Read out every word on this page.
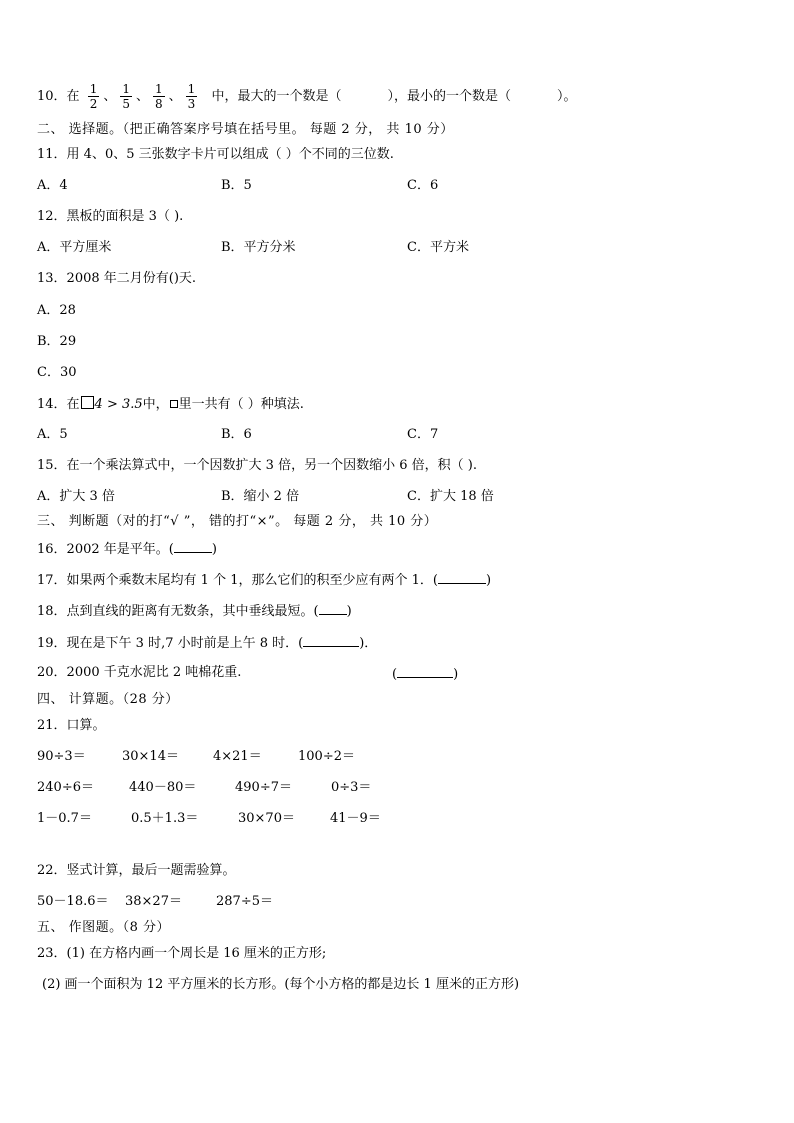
10．在 $\frac{1}{2}$ 、 $\frac{1}{5}$ 、 $\frac{1}{8}$ 、 $\frac{1}{3}$ 中，最大的一个数是（	），最小的一个数是（	）。
二、 选择题。（把正确答案序号填在括号里。 每题 2 分， 共 10 分）
11．用 4、0、5 三张数字卡片可以组成（ ）个不同的三位数.
A．4	B．5	C．6
12．黑板的面积是 3（ ).
A．平方厘米	B．平方分米	C．平方米
13．2008 年二月份有()天.
A．28
B．29
C．30
14．在 4 > 3.5中， 里一共有（ ）种填法.
A．5	B．6	C．7
15．在一个乘法算式中，一个因数扩大 3 倍，另一个因数缩小 6 倍，积（ ).
A．扩大 3 倍	B．缩小 2 倍	C．扩大 18 倍
三、 判断题（对的打“√ ”， 错的打“×”。 每题 2 分， 共 10 分）
16．2002 年是平年。(	)
17．如果两个乘数末尾均有 1 个 1，那么它们的积至少应有两个 1．(	)
18．点到直线的距离有无数条，其中垂线最短。( )
19．现在是下午 3 时,7 小时前是上午 8 时．(	)．
20．2000 千克水泥比 2 吨棉花重.	(	)
四、 计算题。（28 分）
21．口算。
90÷3＝	30×14＝	4×21＝	100÷2＝
240÷6＝	440－80＝	490÷7＝	0÷3＝
1－0.7＝	0.5＋1.3＝	30×70＝	41－9＝
22．竖式计算，最后一题需验算。
50－18.6＝ 38×27＝	287÷5＝
五、 作图题。（8 分）
23．(1) 在方格内画一个周长是 16 厘米的正方形;
(2) 画一个面积为 12 平方厘米的长方形。(每个小方格的都是边长 1 厘米的正方形)
